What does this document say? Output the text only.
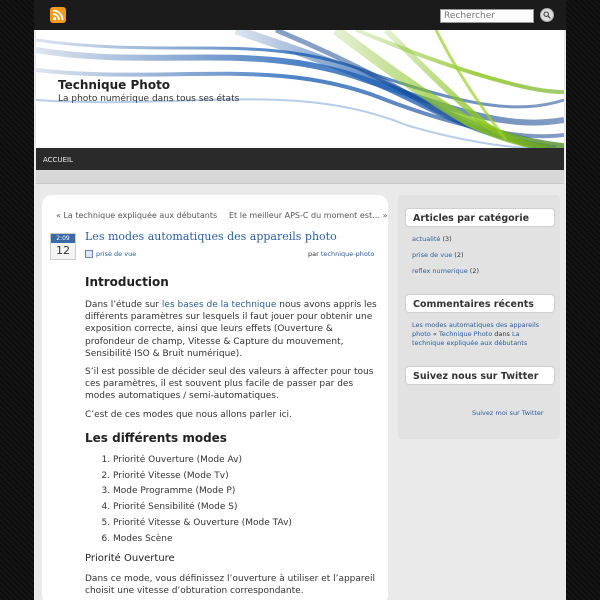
Rechercher
Technique Photo
La photo numérique dans tous ses états
ACCUEIL
« La technique expliquée aux débutants Et le meilleur APS-C du moment est… »
2:09
12
Les modes automatiques des appareils photo
prise de vue	par technique-photo
Introduction

Dans l’étude sur les bases de la technique nous avons appris les différents paramètres sur lesquels il faut jouer pour obtenir une exposition correcte, ainsi que leurs effets (Ouverture & profondeur de champ, Vitesse & Capture du mouvement, Sensibilité ISO & Bruit numérique).

S’il est possible de décider seul des valeurs à affecter pour tous ces paramètres, il est souvent plus facile de passer par des modes automatiques / semi-automatiques.

C’est de ces modes que nous allons parler ici.

Les différents modes
1. Priorité Ouverture (Mode Av)
2. Priorité Vitesse (Mode Tv)
3. Mode Programme (Mode P)
4. Priorité Sensibilité (Mode S)
5. Priorité Vitesse & Ouverture (Mode TAv)
6. Modes Scène
Priorité Ouverture

Dans ce mode, vous définissez l’ouverture à utiliser et l’appareil choisit une vitesse d’obturation correspondante.

Articles par catégorie
actualité (3)
prise de vue (2)
reflex numerique (2)
Commentaires récents
Les modes automatiques des appareils photo « Technique Photo dans La technique expliquée aux débutants
Suivez nous sur Twitter
Suivez moi sur Twitter
